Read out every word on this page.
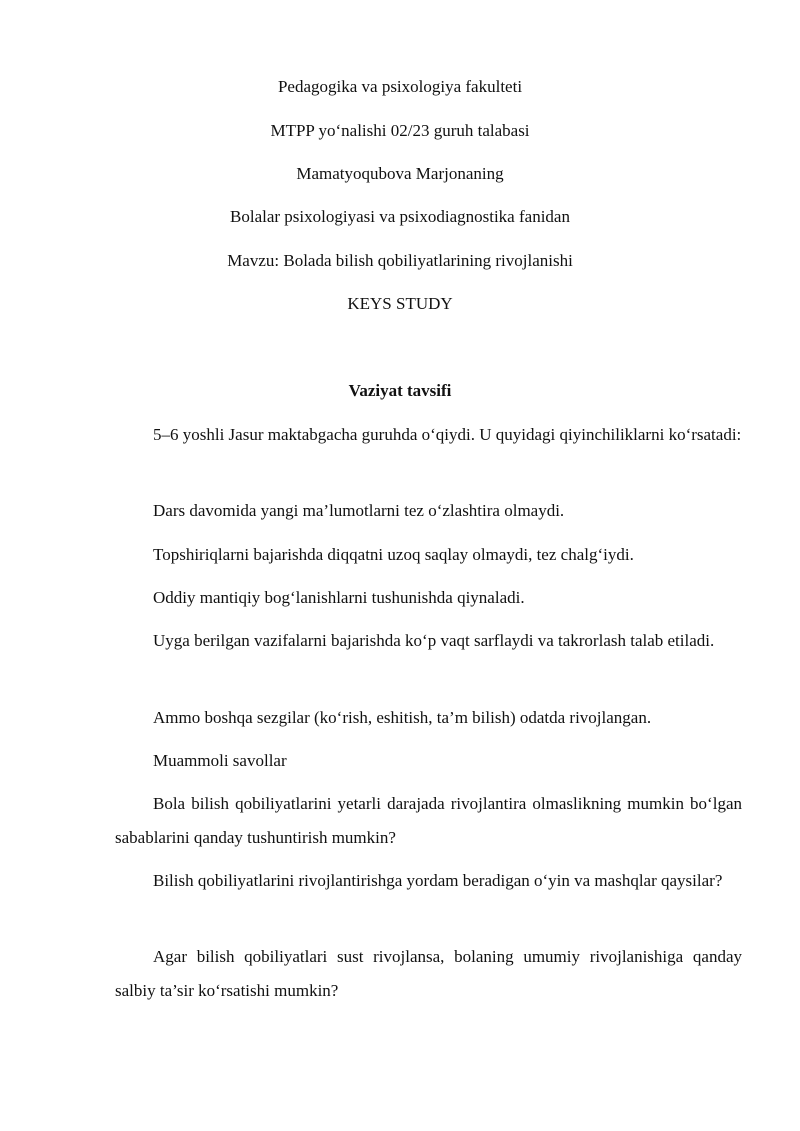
Pedagogika va psixologiya fakulteti

MTPP yo‘nalishi 02/23 guruh talabasi

Mamatyoqubova Marjonaning

Bolalar psixologiyasi va psixodiagnostika fanidan

Mavzu: Bolada bilish qobiliyatlarining rivojlanishi

KEYS STUDY

Vaziyat tavsifi

5–6 yoshli Jasur maktabgacha guruhda o‘qiydi. U quyidagi qiyinchiliklarni ko‘rsatadi:

Dars davomida yangi ma’lumotlarni tez o‘zlashtira olmaydi.

Topshiriqlarni bajarishda diqqatni uzoq saqlay olmaydi, tez chalg‘iydi.

Oddiy mantiqiy bog‘lanishlarni tushunishda qiynaladi.

Uyga berilgan vazifalarni bajarishda ko‘p vaqt sarflaydi va takrorlash talab etiladi.

Ammo boshqa sezgilar (ko‘rish, eshitish, ta’m bilish) odatda rivojlangan.

Muammoli savollar

Bola bilish qobiliyatlarini yetarli darajada rivojlantira olmaslikning mumkin bo‘lgan sabablarini qanday tushuntirish mumkin?

Bilish qobiliyatlarini rivojlantirishga yordam beradigan o‘yin va mashqlar qaysilar?

Agar bilish qobiliyatlari sust rivojlansa, bolaning umumiy rivojlanishiga qanday salbiy ta’sir ko‘rsatishi mumkin?
